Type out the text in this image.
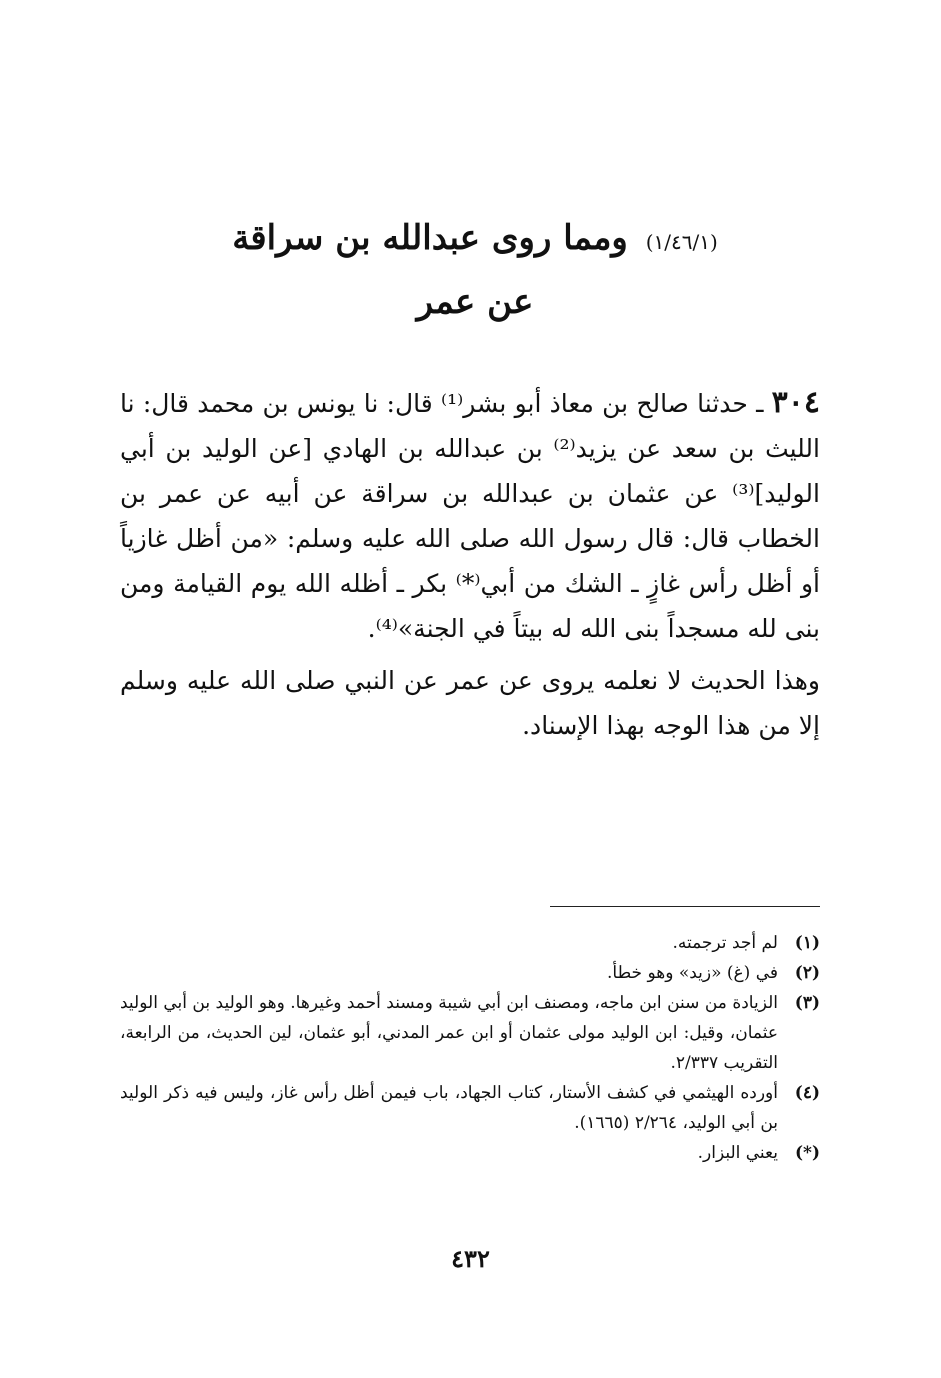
(١/٤٦/١) ومما روى عبدالله بن سراقة
عن عمر
٣٠٤ ـ حدثنا صالح بن معاذ أبو بشر⁽¹⁾ قال: نا يونس بن محمد قال: نا الليث بن سعد عن يزيد⁽²⁾ بن عبدالله بن الهادي [عن الوليد بن أبي الوليد]⁽³⁾ عن عثمان بن عبدالله بن سراقة عن أبيه عن عمر بن الخطاب قال: قال رسول الله صلى الله عليه وسلم: «من أظل غازياً أو أظل رأس غازٍ ـ الشك من أبي⁽*⁾ بكر ـ أظله الله يوم القيامة ومن بنى لله مسجداً بنى الله له بيتاً في الجنة»⁽⁴⁾.
وهذا الحديث لا نعلمه يروى عن عمر عن النبي صلى الله عليه وسلم إلا من هذا الوجه بهذا الإسناد.
(١)
لم أجد ترجمته.
(٢)
في (غ) «زيد» وهو خطأ.
(٣)
الزيادة من سنن ابن ماجه، ومصنف ابن أبي شيبة ومسند أحمد وغيرها. وهو الوليد بن أبي الوليد عثمان، وقيل: ابن الوليد مولى عثمان أو ابن عمر المدني، أبو عثمان، لين الحديث، من الرابعة، التقريب ٢/٣٣٧.
(٤)
أورده الهيثمي في كشف الأستار، كتاب الجهاد، باب فيمن أظل رأس غاز، وليس فيه ذكر الوليد بن أبي الوليد، ٢/٢٦٤ (١٦٦٥).
(*)
يعني البزار.
٤٣٢
